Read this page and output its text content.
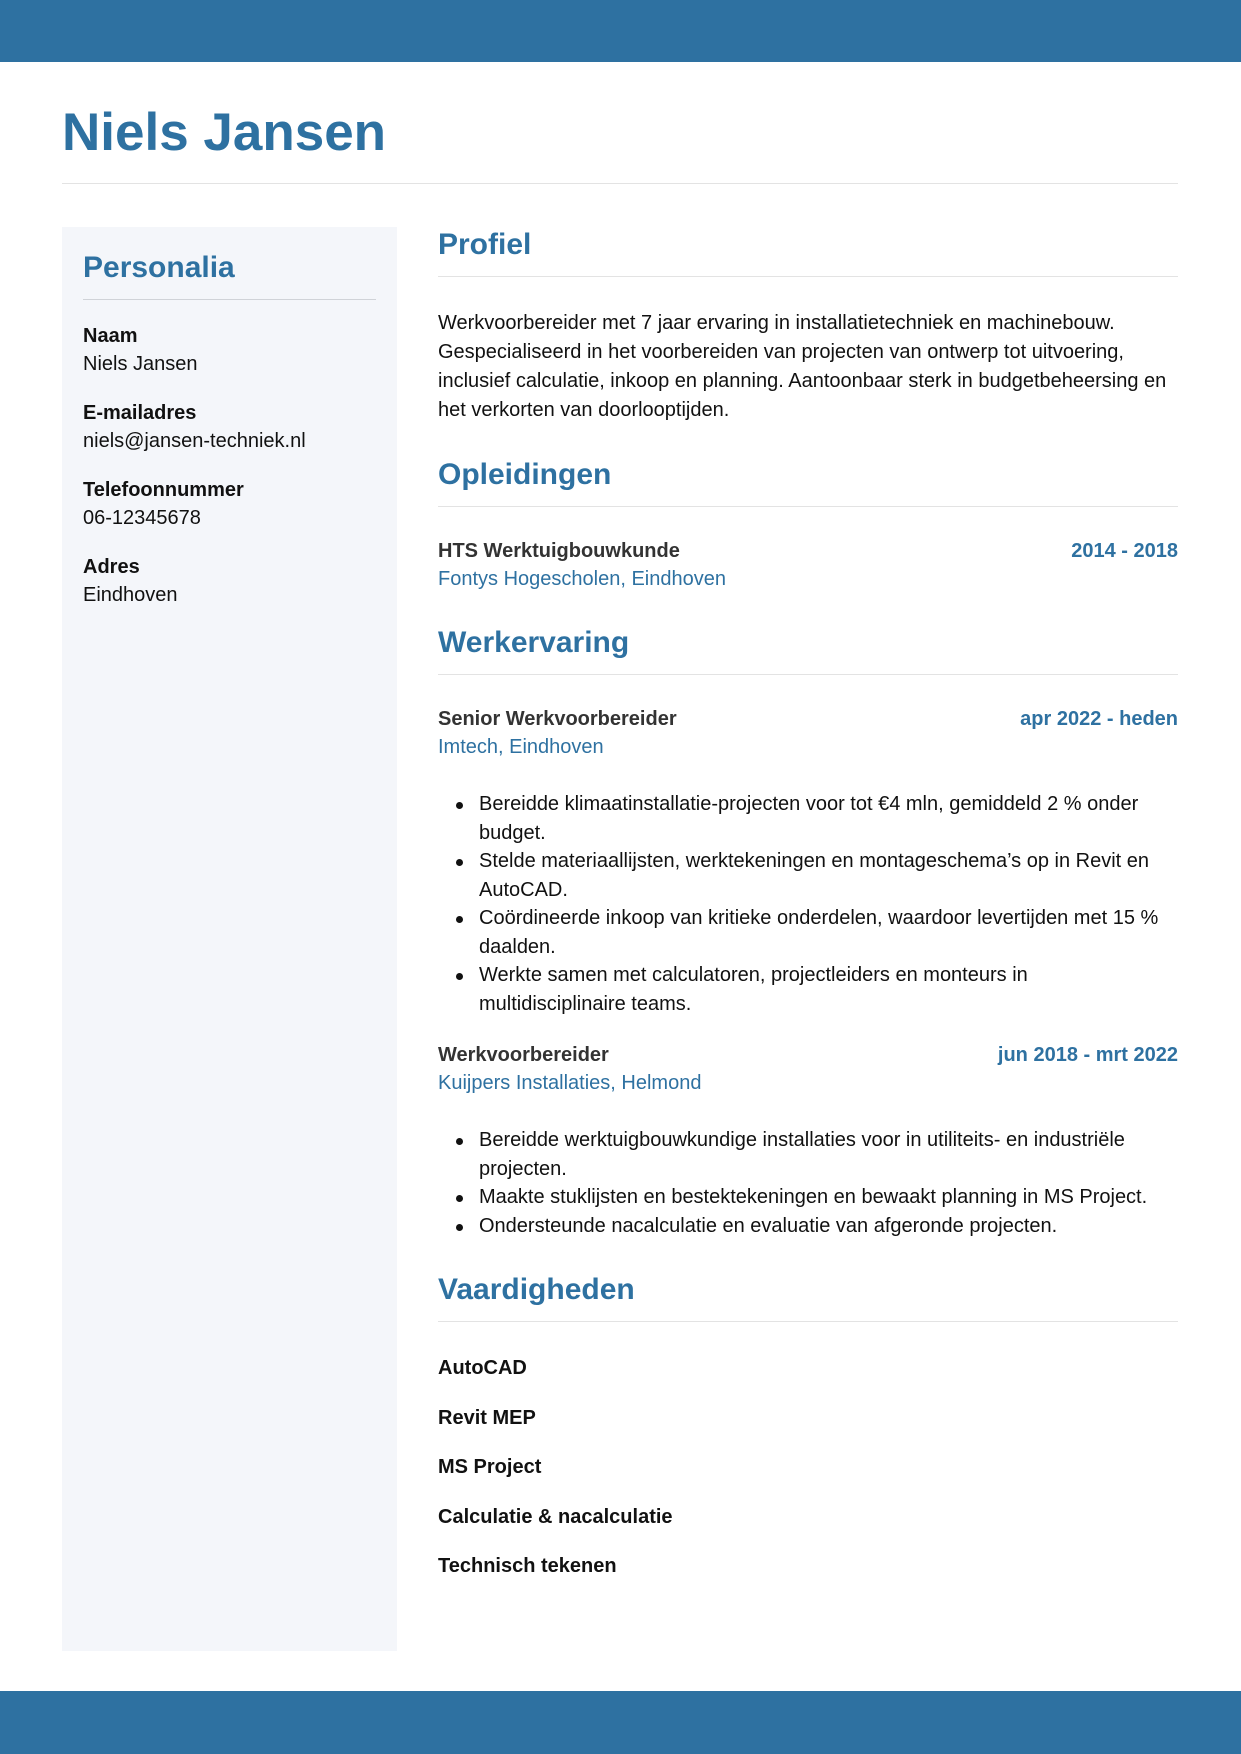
Niels Jansen
Personalia
Naam
Niels Jansen
E-mailadres
niels@jansen-techniek.nl
Telefoonnummer
06-12345678
Adres
Eindhoven
Profiel

Werkvoorbereider met 7 jaar ervaring in installatietechniek en machinebouw. Gespecialiseerd in het voorbereiden van projecten van ontwerp tot uitvoering, inclusief calculatie, inkoop en planning. Aantoonbaar sterk in budgetbeheersing en het verkorten van doorlooptijden.

Opleidingen
HTS Werktuigbouwkunde	2014 - 2018
Fontys Hogescholen, Eindhoven
Werkervaring
Senior Werkvoorbereider	apr 2022 - heden
Imtech, Eindhoven
Bereidde klimaatinstallatie-projecten voor tot €4 mln, gemiddeld 2 % onder budget.
Stelde materiaallijsten, werktekeningen en montageschema’s op in Revit en AutoCAD.
Coördineerde inkoop van kritieke onderdelen, waardoor levertijden met 15 % daalden.
Werkte samen met calculatoren, projectleiders en monteurs in multidisciplinaire teams.
Werkvoorbereider	jun 2018 - mrt 2022
Kuijpers Installaties, Helmond
Bereidde werktuigbouwkundige installaties voor in utiliteits- en industriële projecten.
Maakte stuklijsten en bestektekeningen en bewaakt planning in MS Project.
Ondersteunde nacalculatie en evaluatie van afgeronde projecten.
Vaardigheden
AutoCAD
Revit MEP
MS Project
Calculatie & nacalculatie
Technisch tekenen
